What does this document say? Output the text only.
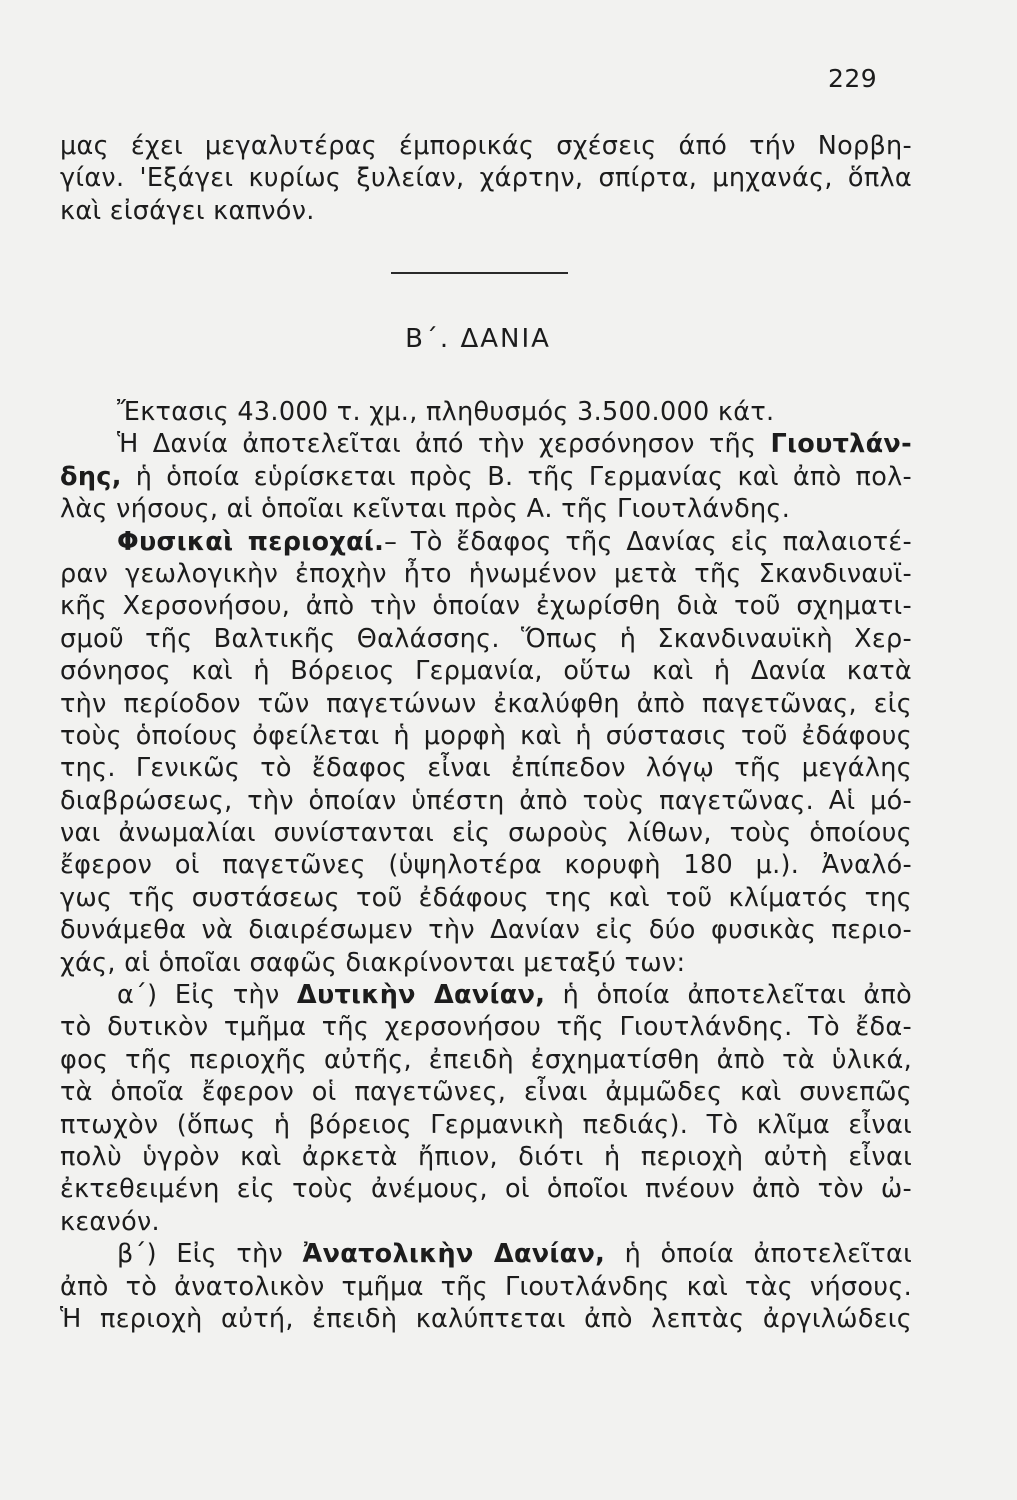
229
μας έχει μεγαλυτέρας έμπορικάς σχέσεις άπό τήν Νορβη-
γίαν. 'Εξάγει κυρίως ξυλείαν, χάρτην, σπίρτα, μηχανάς, ὅπλα
καὶ εἰσάγει καπνόν.
Β΄. ΔΑΝΙΑ
Ἔκτασις 43.000 τ. χμ., πληθυσμός 3.500.000 κάτ.
Ἡ Δανία ἀποτελεῖται ἀπό τὴν χερσόνησον τῆς Γιουτλάν-
δης, ἡ ὁποία εὑρίσκεται πρὸς Β. τῆς Γερμανίας καὶ ἀπὸ πολ-
λὰς νήσους, αἱ ὁποῖαι κεῖνται πρὸς Α. τῆς Γιουτλάνδης.
Φυσικαὶ περιοχαί.– Τὸ ἔδαφος τῆς Δανίας εἰς παλαιοτέ-
ραν γεωλογικὴν ἐποχὴν ἦτο ἡνωμένον μετὰ τῆς Σκανδιναυϊ-
κῆς Χερσονήσου, ἀπὸ τὴν ὁποίαν ἐχωρίσθη διὰ τοῦ σχηματι-
σμοῦ τῆς Βαλτικῆς Θαλάσσης. Ὅπως ἡ Σκανδιναυϊκὴ Χερ-
σόνησος καὶ ἡ Βόρειος Γερμανία, οὕτω καὶ ἡ Δανία κατὰ
τὴν περίοδον τῶν παγετώνων ἐκαλύφθη ἀπὸ παγετῶνας, εἰς
τοὺς ὁποίους ὀφείλεται ἡ μορφὴ καὶ ἡ σύστασις τοῦ ἐδάφους
της. Γενικῶς τὸ ἔδαφος εἶναι ἐπίπεδον λόγῳ τῆς μεγάλης
διαβρώσεως, τὴν ὁποίαν ὑπέστη ἀπὸ τοὺς παγετῶνας. Αἱ μό-
ναι ἀνωμαλίαι συνίστανται εἰς σωροὺς λίθων, τοὺς ὁποίους
ἔφερον οἱ παγετῶνες (ὑψηλοτέρα κορυφὴ 180 μ.). Ἀναλό-
γως τῆς συστάσεως τοῦ ἐδάφους της καὶ τοῦ κλίματός της
δυνάμεθα νὰ διαιρέσωμεν τὴν Δανίαν εἰς δύο φυσικὰς περιο-
χάς, αἱ ὁποῖαι σαφῶς διακρίνονται μεταξύ των:
α΄) Εἰς τὴν Δυτικὴν Δανίαν, ἡ ὁποία ἀποτελεῖται ἀπὸ
τὸ δυτικὸν τμῆμα τῆς χερσονήσου τῆς Γιουτλάνδης. Τὸ ἔδα-
φος τῆς περιοχῆς αὐτῆς, ἐπειδὴ ἐσχηματίσθη ἀπὸ τὰ ὑλικά,
τὰ ὁποῖα ἔφερον οἱ παγετῶνες, εἶναι ἀμμῶδες καὶ συνεπῶς
πτωχὸν (ὅπως ἡ βόρειος Γερμανικὴ πεδιάς). Τὸ κλῖμα εἶναι
πολὺ ὑγρὸν καὶ ἀρκετὰ ἤπιον, διότι ἡ περιοχὴ αὐτὴ εἶναι
ἐκτεθειμένη εἰς τοὺς ἀνέμους, οἱ ὁποῖοι πνέουν ἀπὸ τὸν ὠ-
κεανόν.
β΄) Εἰς τὴν Ἀνατολικὴν Δανίαν, ἡ ὁποία ἀποτελεῖται
ἀπὸ τὸ ἀνατολικὸν τμῆμα τῆς Γιουτλάνδης καὶ τὰς νήσους.
Ἡ περιοχὴ αὐτή, ἐπειδὴ καλύπτεται ἀπὸ λεπτὰς ἀργιλώδεις
